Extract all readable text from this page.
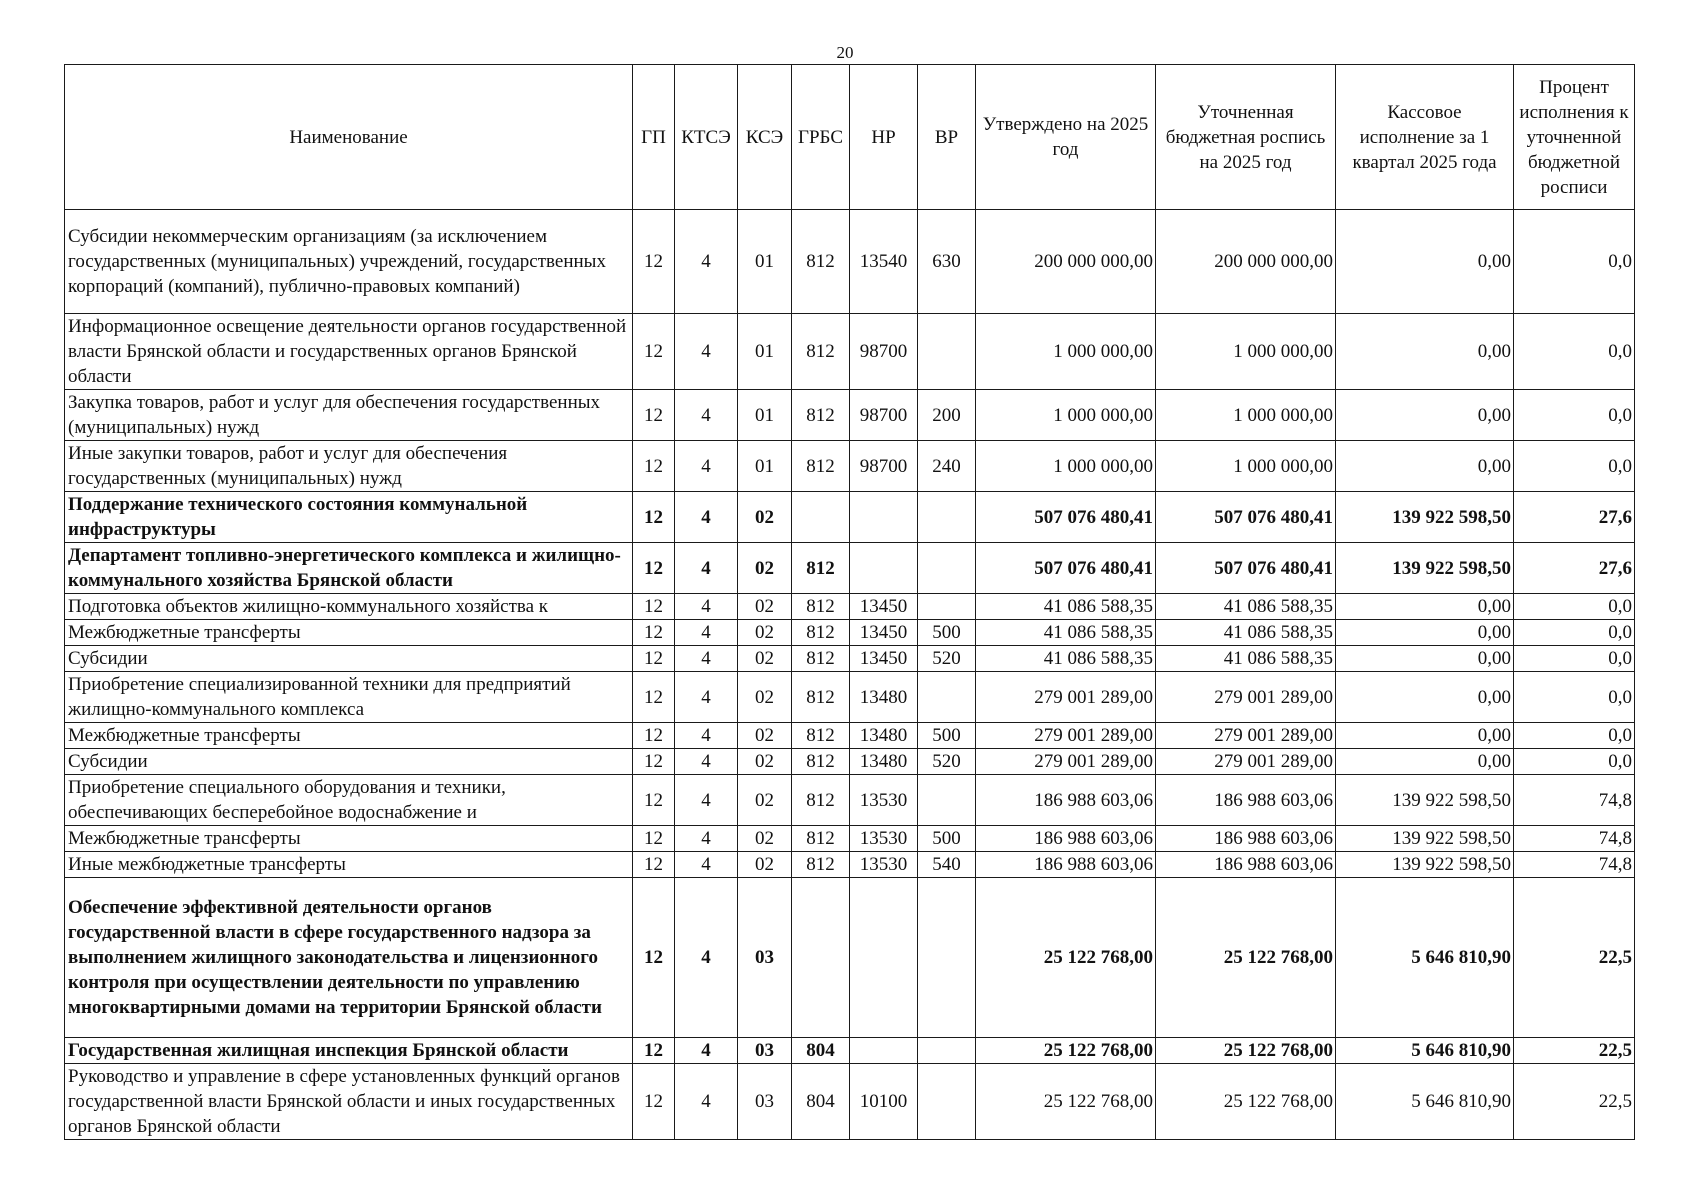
20
Наименование	ГП	КТСЭ	КСЭ	ГРБС	НР	ВР	Утверждено на 2025 год	Уточненная бюджетная роспись на 2025 год	Кассовое исполнение за 1 квартал 2025 года	Процент исполнения к уточненной бюджетной росписи
Субсидии некоммерческим организациям (за исключением государственных (муниципальных) учреждений, государственных корпораций (компаний), публично-правовых компаний)	12	4	01	812	13540	630	200 000 000,00	200 000 000,00	0,00	0,0
Информационное освещение деятельности органов государственной власти Брянской области и государственных органов Брянской области	12	4	01	812	98700		1 000 000,00	1 000 000,00	0,00	0,0
Закупка товаров, работ и услуг для обеспечения государственных (муниципальных) нужд	12	4	01	812	98700	200	1 000 000,00	1 000 000,00	0,00	0,0
Иные закупки товаров, работ и услуг для обеспечения государственных (муниципальных) нужд	12	4	01	812	98700	240	1 000 000,00	1 000 000,00	0,00	0,0
Поддержание технического состояния коммунальной инфраструктуры	12	4	02				507 076 480,41	507 076 480,41	139 922 598,50	27,6
Департамент топливно-энергетического комплекса и жилищно-коммунального хозяйства Брянской области	12	4	02	812			507 076 480,41	507 076 480,41	139 922 598,50	27,6
Подготовка объектов жилищно-коммунального хозяйства к	12	4	02	812	13450		41 086 588,35	41 086 588,35	0,00	0,0
Межбюджетные трансферты	12	4	02	812	13450	500	41 086 588,35	41 086 588,35	0,00	0,0
Субсидии	12	4	02	812	13450	520	41 086 588,35	41 086 588,35	0,00	0,0
Приобретение специализированной техники для предприятий жилищно-коммунального комплекса	12	4	02	812	13480		279 001 289,00	279 001 289,00	0,00	0,0
Межбюджетные трансферты	12	4	02	812	13480	500	279 001 289,00	279 001 289,00	0,00	0,0
Субсидии	12	4	02	812	13480	520	279 001 289,00	279 001 289,00	0,00	0,0
Приобретение специального оборудования и техники, обеспечивающих бесперебойное водоснабжение и	12	4	02	812	13530		186 988 603,06	186 988 603,06	139 922 598,50	74,8
Межбюджетные трансферты	12	4	02	812	13530	500	186 988 603,06	186 988 603,06	139 922 598,50	74,8
Иные межбюджетные трансферты	12	4	02	812	13530	540	186 988 603,06	186 988 603,06	139 922 598,50	74,8
Обеспечение эффективной деятельности органов государственной власти в сфере государственного надзора за выполнением жилищного законодательства и лицензионного контроля при осуществлении деятельности по управлению многоквартирными домами на территории Брянской области	12	4	03				25 122 768,00	25 122 768,00	5 646 810,90	22,5
Государственная жилищная инспекция Брянской области	12	4	03	804			25 122 768,00	25 122 768,00	5 646 810,90	22,5
Руководство и управление в сфере установленных функций органов государственной власти Брянской области и иных государственных органов Брянской области	12	4	03	804	10100		25 122 768,00	25 122 768,00	5 646 810,90	22,5
